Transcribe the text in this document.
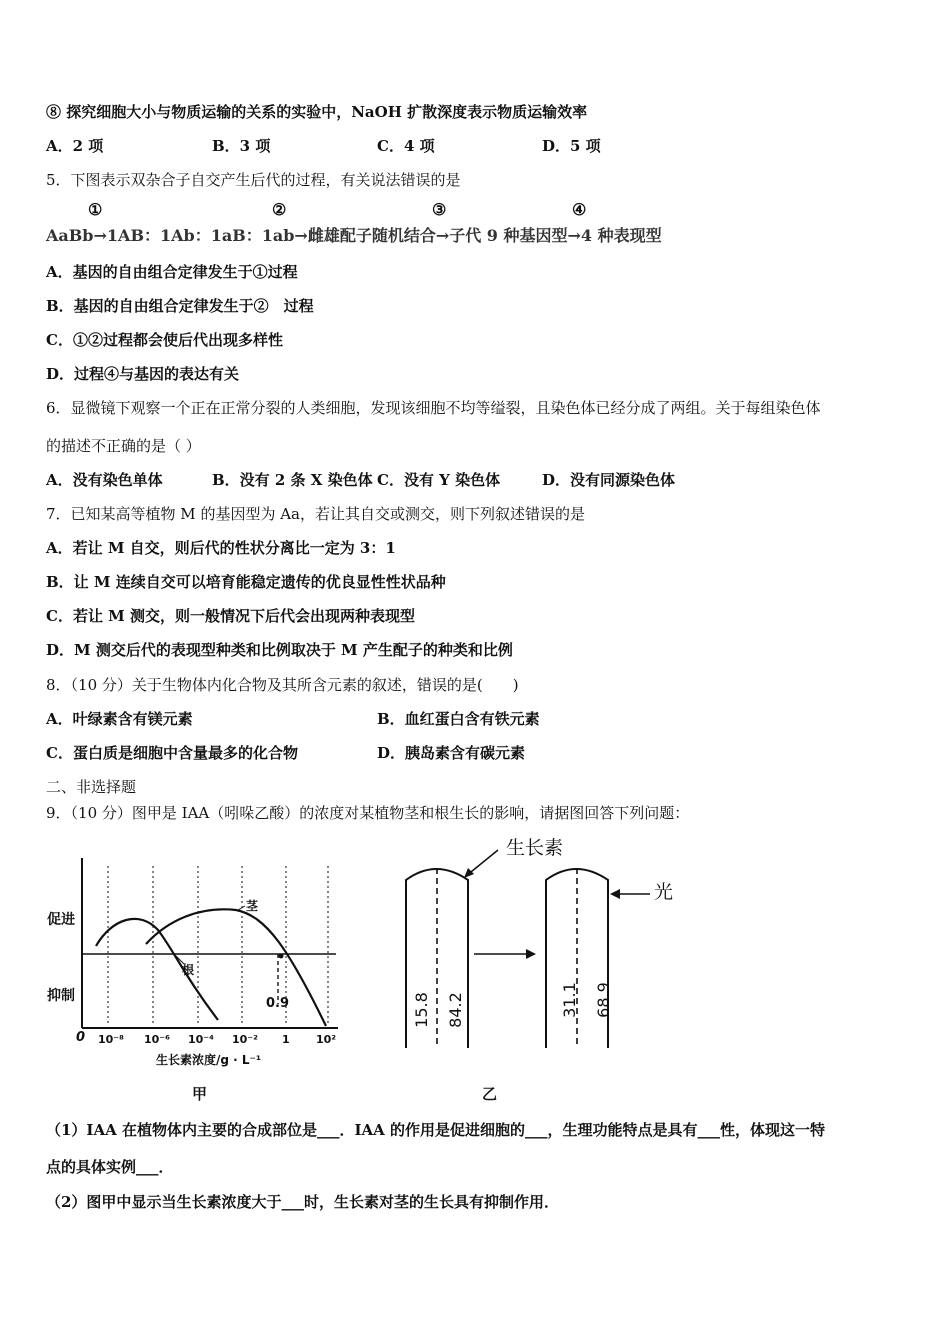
⑧ 探究细胞大小与物质运输的关系的实验中，NaOH 扩散深度表示物质运输效率
A．2 项	B．3 项	C．4 项	D．5 项
5．下图表示双杂合子自交产生后代的过程，有关说法错误的是
①	②	③	④
AaBb→1AB：1Ab：1aB：1ab→雌雄配子随机结合→子代 9 种基因型→4 种表现型
A．基因的自由组合定律发生于①过程
B．基因的自由组合定律发生于②　过程
C．①②过程都会使后代出现多样性
D．过程④与基因的表达有关
6．显微镜下观察一个正在正常分裂的人类细胞，发现该细胞不均等缢裂，且染色体已经分成了两组。关于每组染色体
的描述不正确的是（ ）
A．没有染色单体	B．没有 2 条 X 染色体 C．没有 Y 染色体	D．没有同源染色体
7．已知某高等植物 M 的基因型为 Aa，若让其自交或测交，则下列叙述错误的是
A．若让 M 自交，则后代的性状分离比一定为 3：1
B．让 M 连续自交可以培育能稳定遗传的优良显性性状品种
C．若让 M 测交，则一般情况下后代会出现两种表现型
D．M 测交后代的表现型种类和比例取决于 M 产生配子的种类和比例
8．（10 分）关于生物体内化合物及其所含元素的叙述，错误的是(　　)
A．叶绿素含有镁元素	B．血红蛋白含有铁元素
C．蛋白质是细胞中含量最多的化合物	D．胰岛素含有碳元素
二、非选择题
9．（10 分）图甲是 IAA（吲哚乙酸）的浓度对某植物茎和根生长的影响，请据图回答下列问题：
促进
抑制
茎
根
0.9
0 10⁻⁸ 10⁻⁶ 10⁻⁴ 10⁻² 1 10²
生长素浓度/g · L⁻¹
甲
生长素
光
15.8 84.2	31.1 68.9
乙
（1）IAA 在植物体内主要的合成部位是___．IAA 的作用是促进细胞的___，生理功能特点是具有___性，体现这一特
点的具体实例___．
（2）图甲中显示当生长素浓度大于___时，生长素对茎的生长具有抑制作用．
